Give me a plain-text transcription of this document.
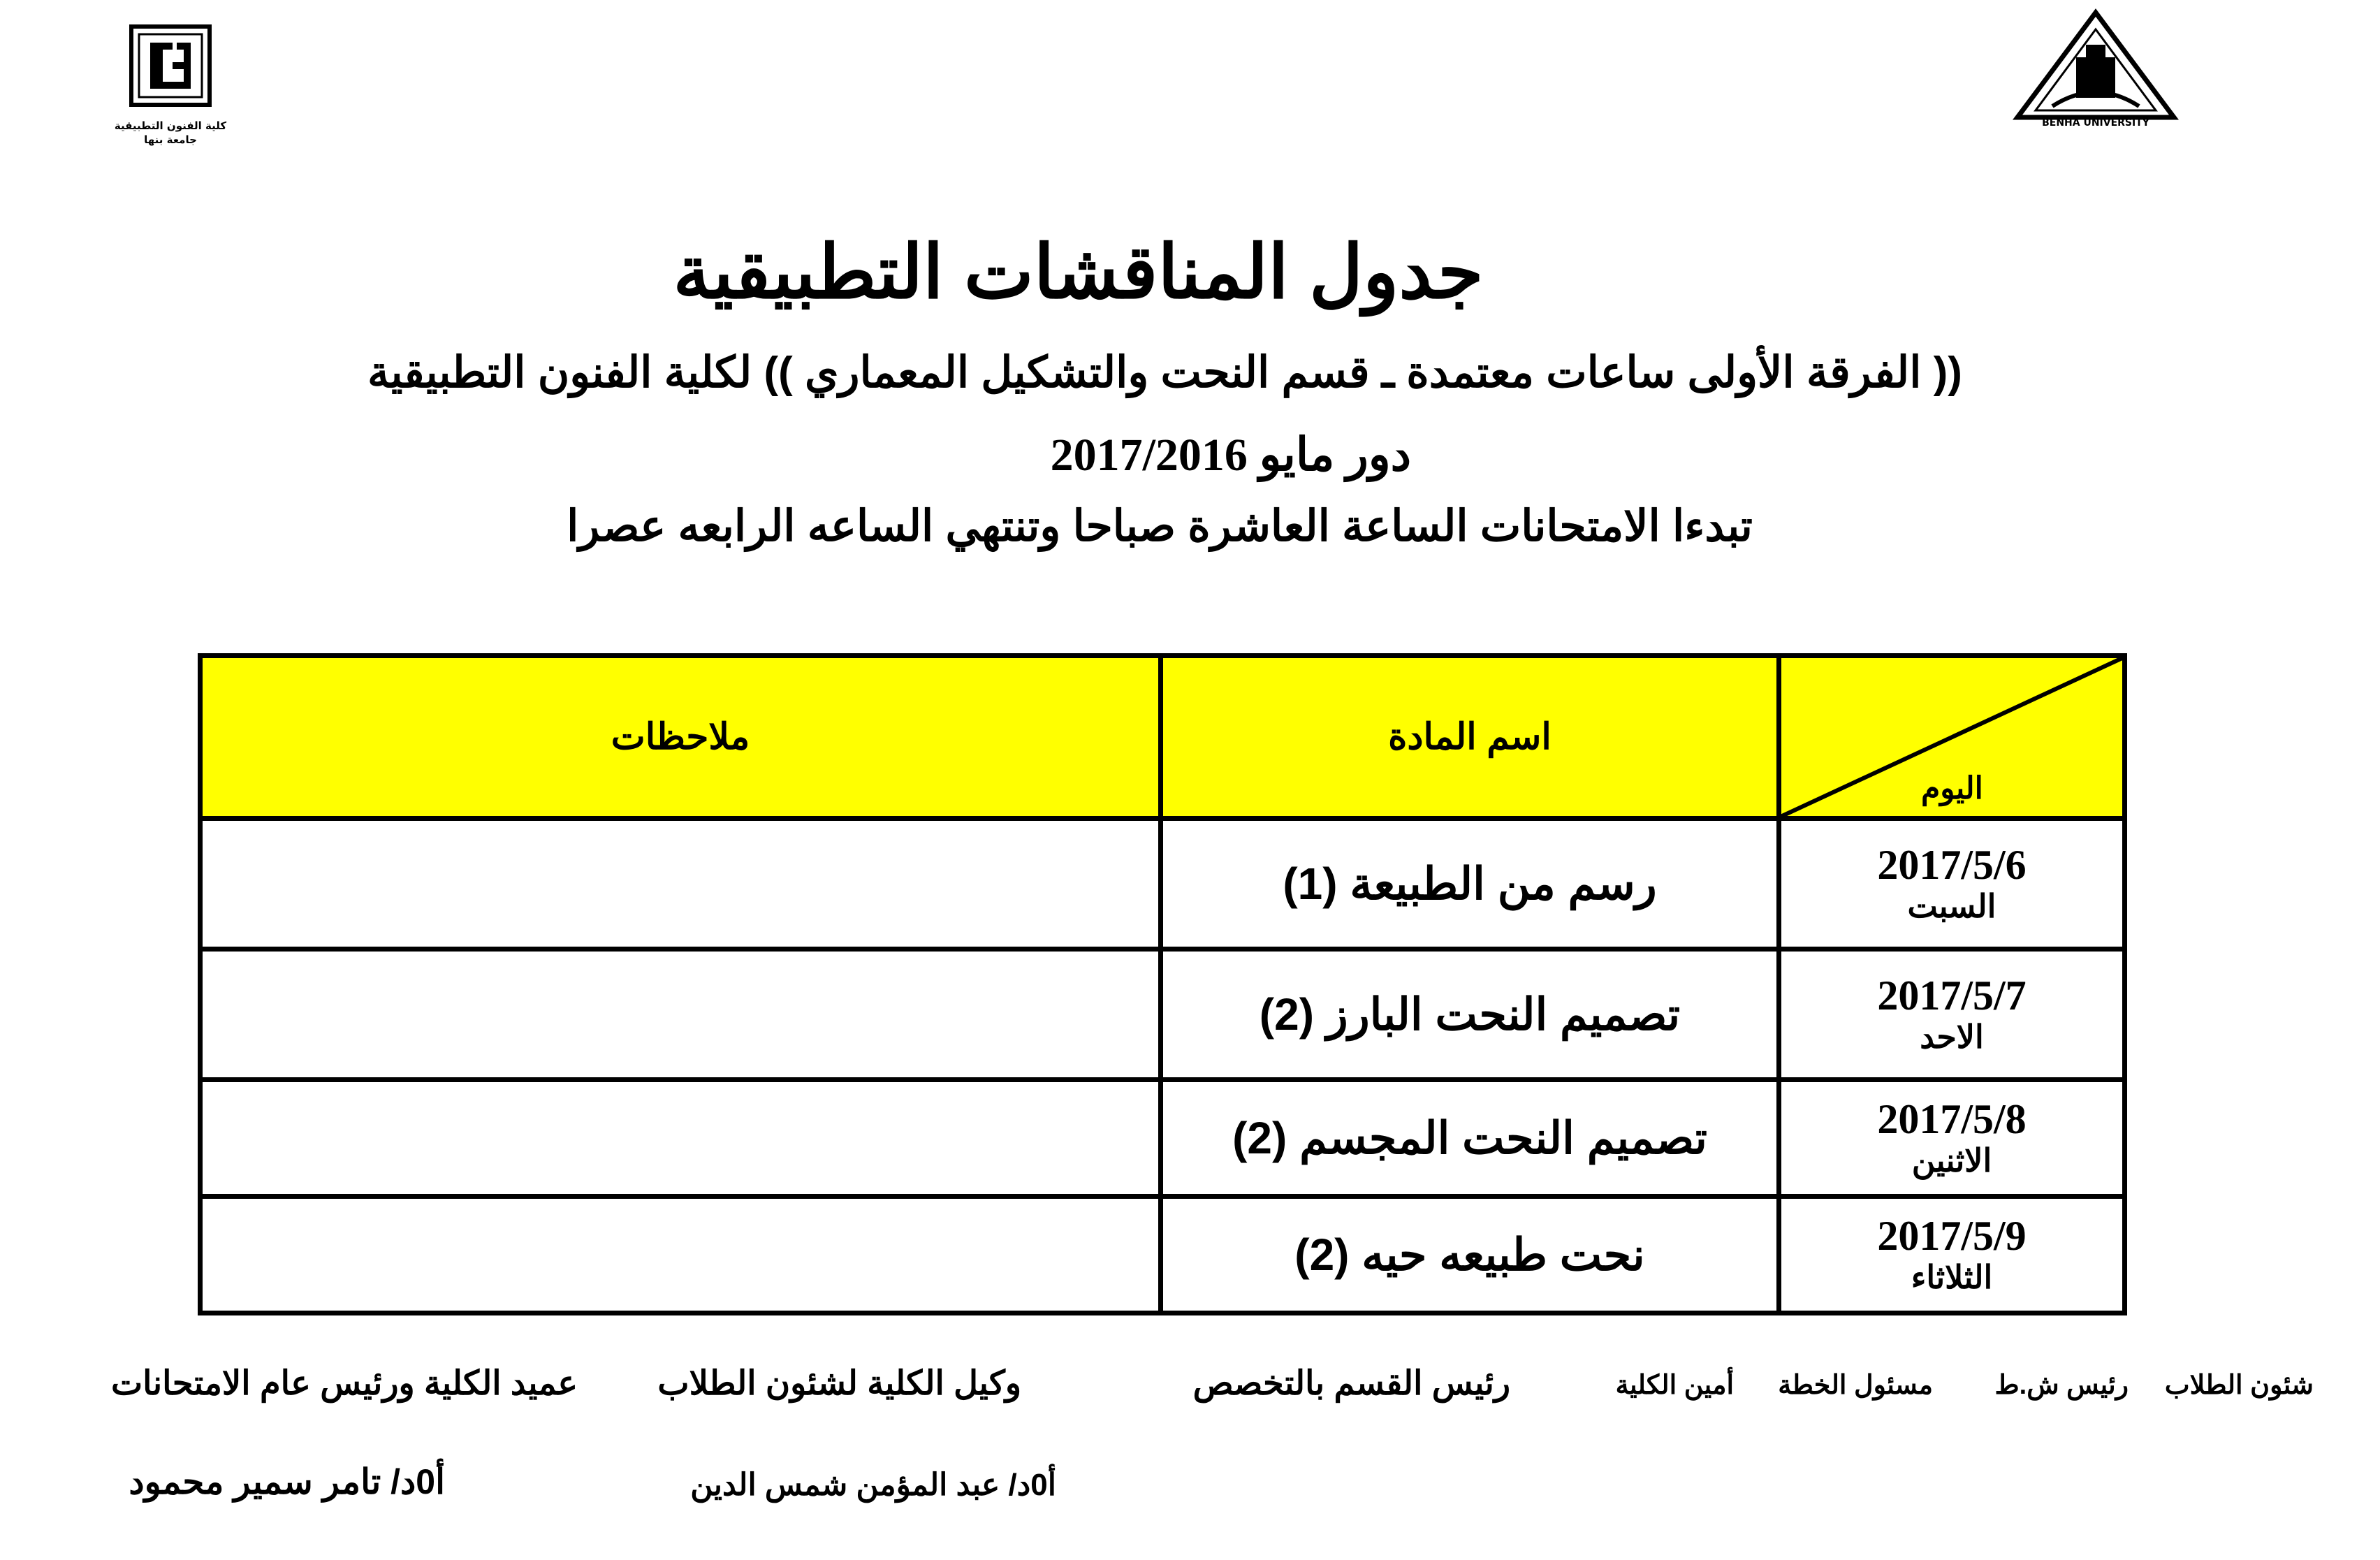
كلية الفنون التطبيقية
جامعة بنها
BENHA UNIVERSITY
جدول المناقشات التطبيقية
(( الفرقة الأولى ساعات معتمدة ـ قسم النحت والتشكيل المعماري )) لكلية الفنون التطبيقية
دور مايو 2017/2016
تبدءا الامتحانات الساعة العاشرة صباحا وتنتهي الساعه الرابعه عصرا
اليوم	اسم المادة	ملاحظات

2017/5/6
السبت	رسم من الطبيعة (1)	

2017/5/7
الاحد	تصميم النحت البارز (2)	

2017/5/8
الاثنين	تصميم النحت المجسم (2)	

2017/5/9
الثلاثاء	نحت طبيعه حيه (2)	
شئون الطلاب
رئيس ش.ط
مسئول الخطة
أمين الكلية
رئيس القسم بالتخصص
وكيل الكلية لشئون الطلاب
عميد الكلية ورئيس عام الامتحانات
أ0د/ عبد المؤمن شمس الدين
أ0د/ تامر سمير محمود
